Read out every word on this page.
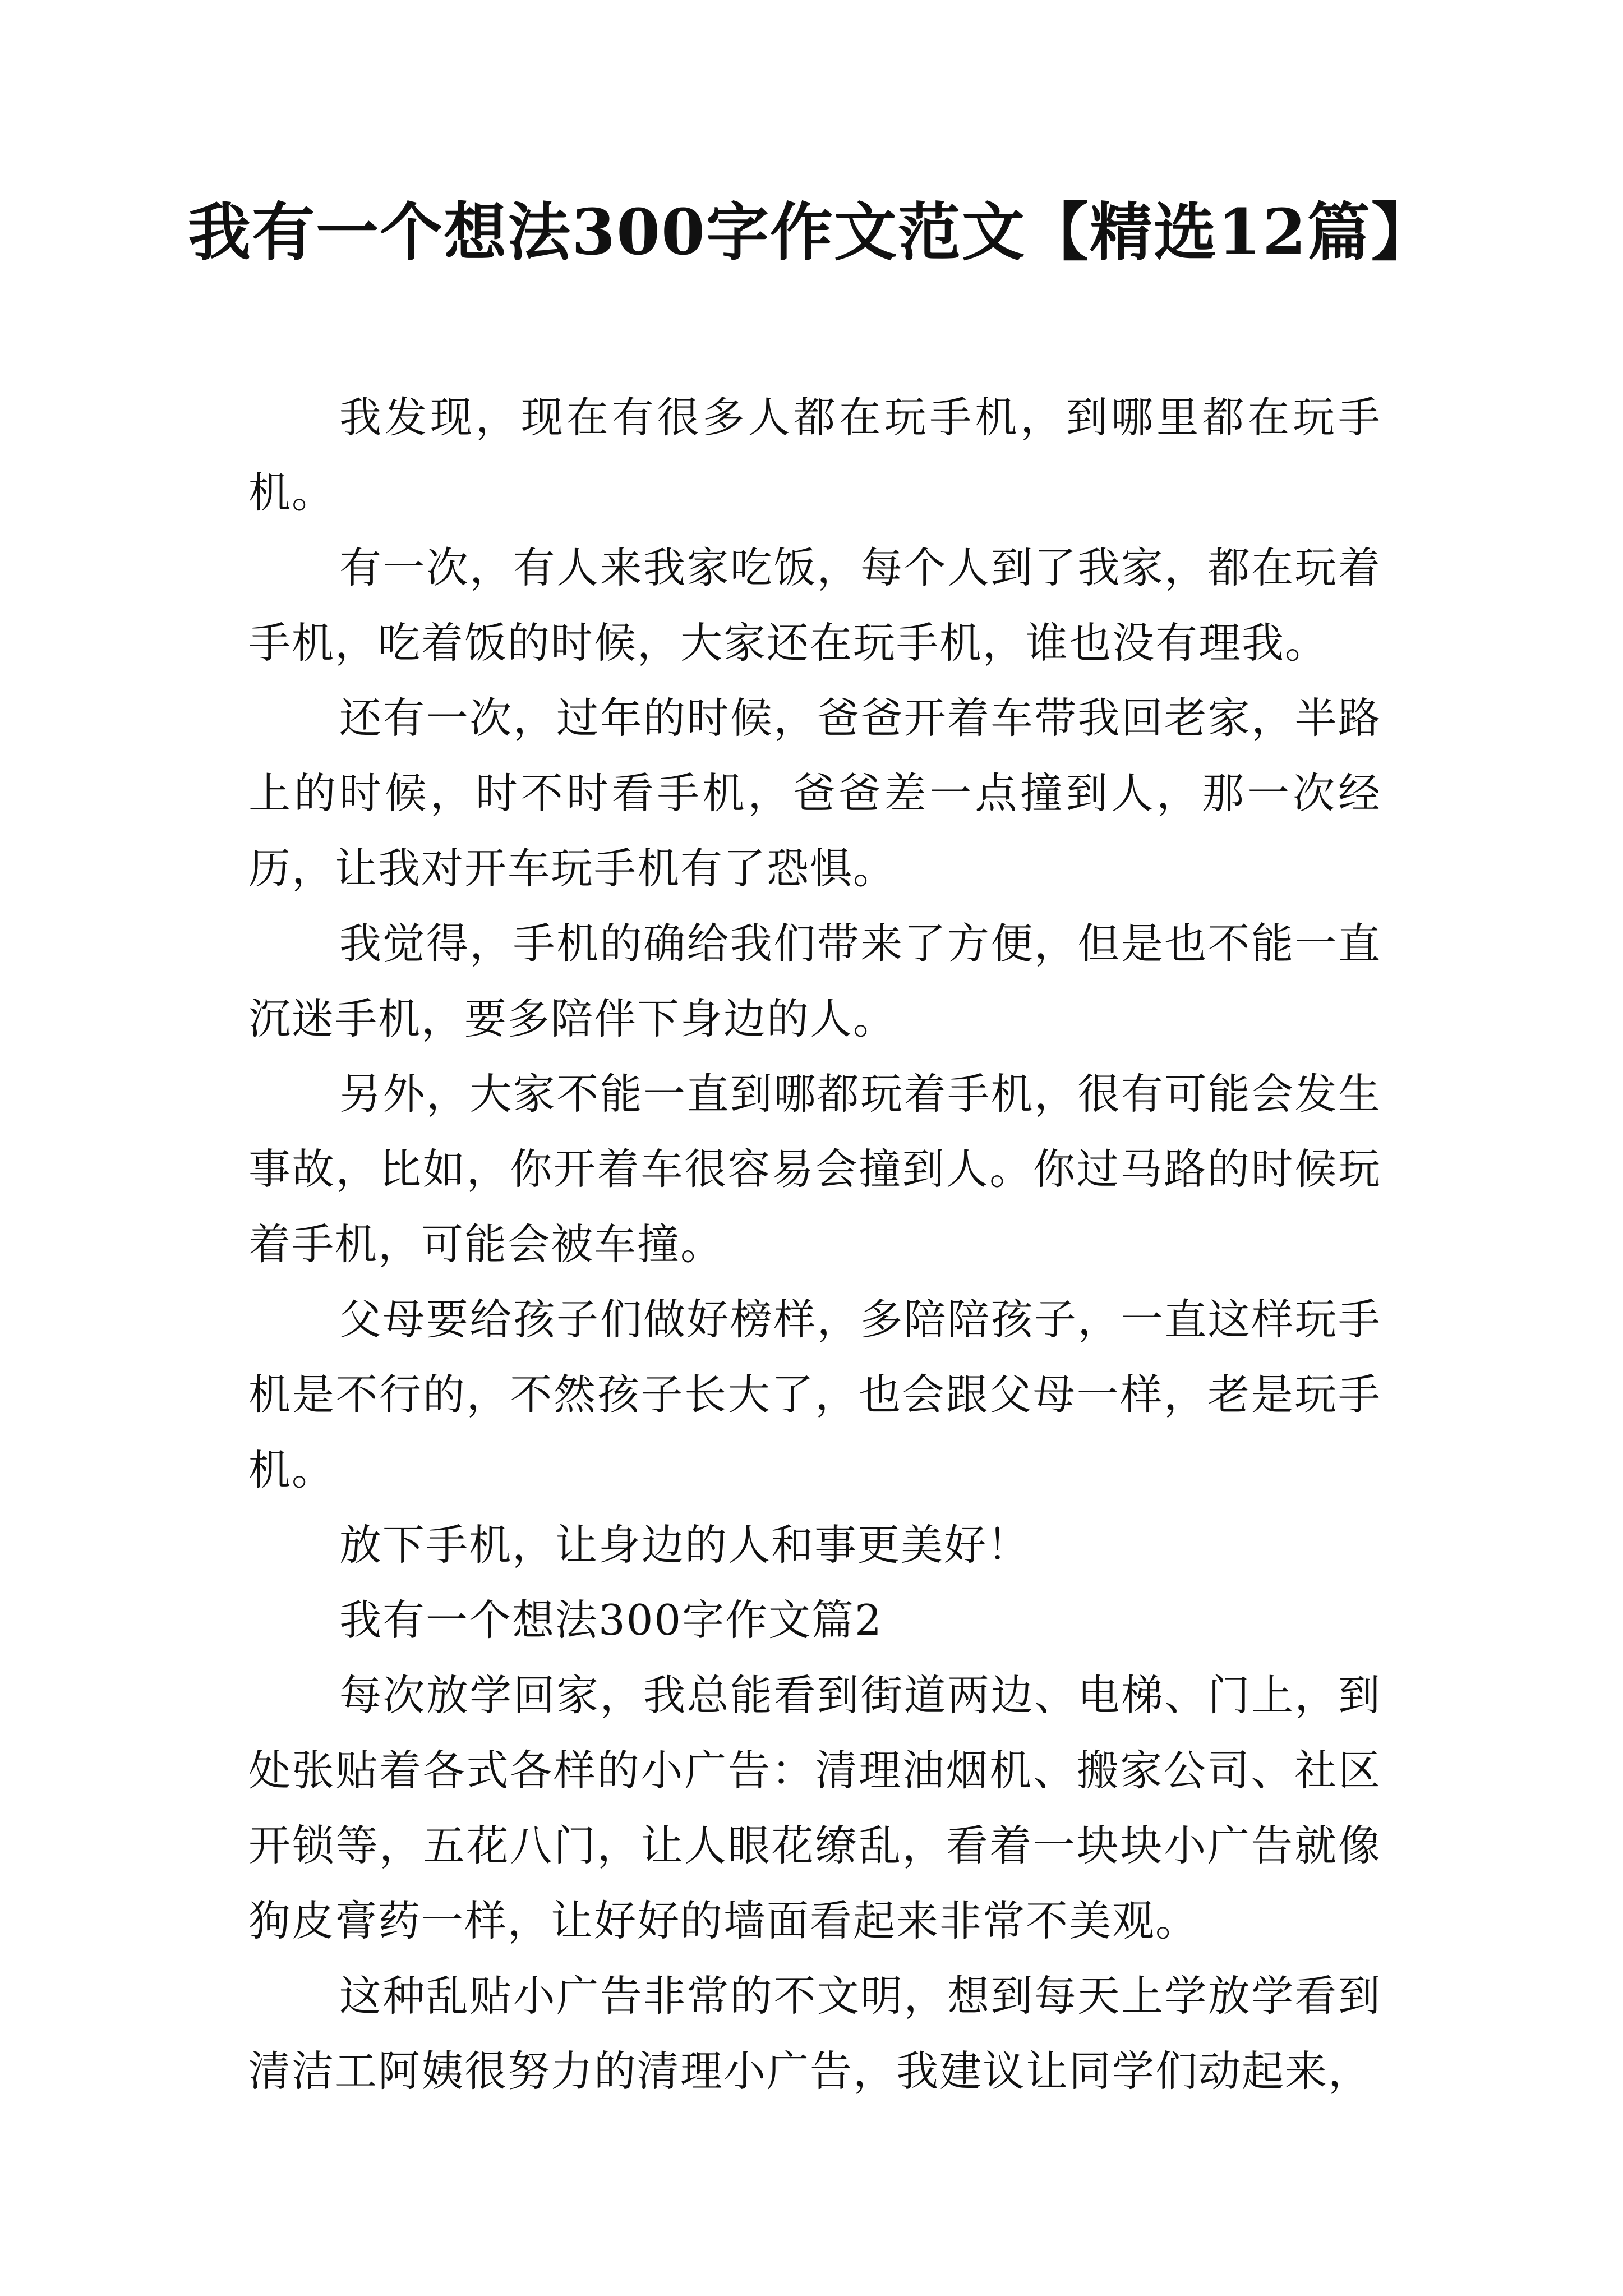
我有一个想法300字作文范文【精选12篇】

我发现，现在有很多人都在玩手机，到哪里都在玩手机。

有一次，有人来我家吃饭，每个人到了我家，都在玩着手机，吃着饭的时候，大家还在玩手机，谁也没有理我。

还有一次，过年的时候，爸爸开着车带我回老家，半路上的时候，时不时看手机，爸爸差一点撞到人，那一次经历，让我对开车玩手机有了恐惧。

我觉得，手机的确给我们带来了方便，但是也不能一直沉迷手机，要多陪伴下身边的人。

另外，大家不能一直到哪都玩着手机，很有可能会发生事故，比如，你开着车很容易会撞到人。你过马路的时候玩着手机，可能会被车撞。

父母要给孩子们做好榜样，多陪陪孩子，一直这样玩手机是不行的，不然孩子长大了，也会跟父母一样，老是玩手机。

放下手机，让身边的人和事更美好！

我有一个想法300字作文篇2

每次放学回家，我总能看到街道两边、电梯、门上，到处张贴着各式各样的小广告：清理油烟机、搬家公司、社区开锁等，五花八门，让人眼花缭乱，看着一块块小广告就像狗皮膏药一样，让好好的墙面看起来非常不美观。

这种乱贴小广告非常的不文明，想到每天上学放学看到清洁工阿姨很努力的清理小广告，我建议让同学们动起来，
